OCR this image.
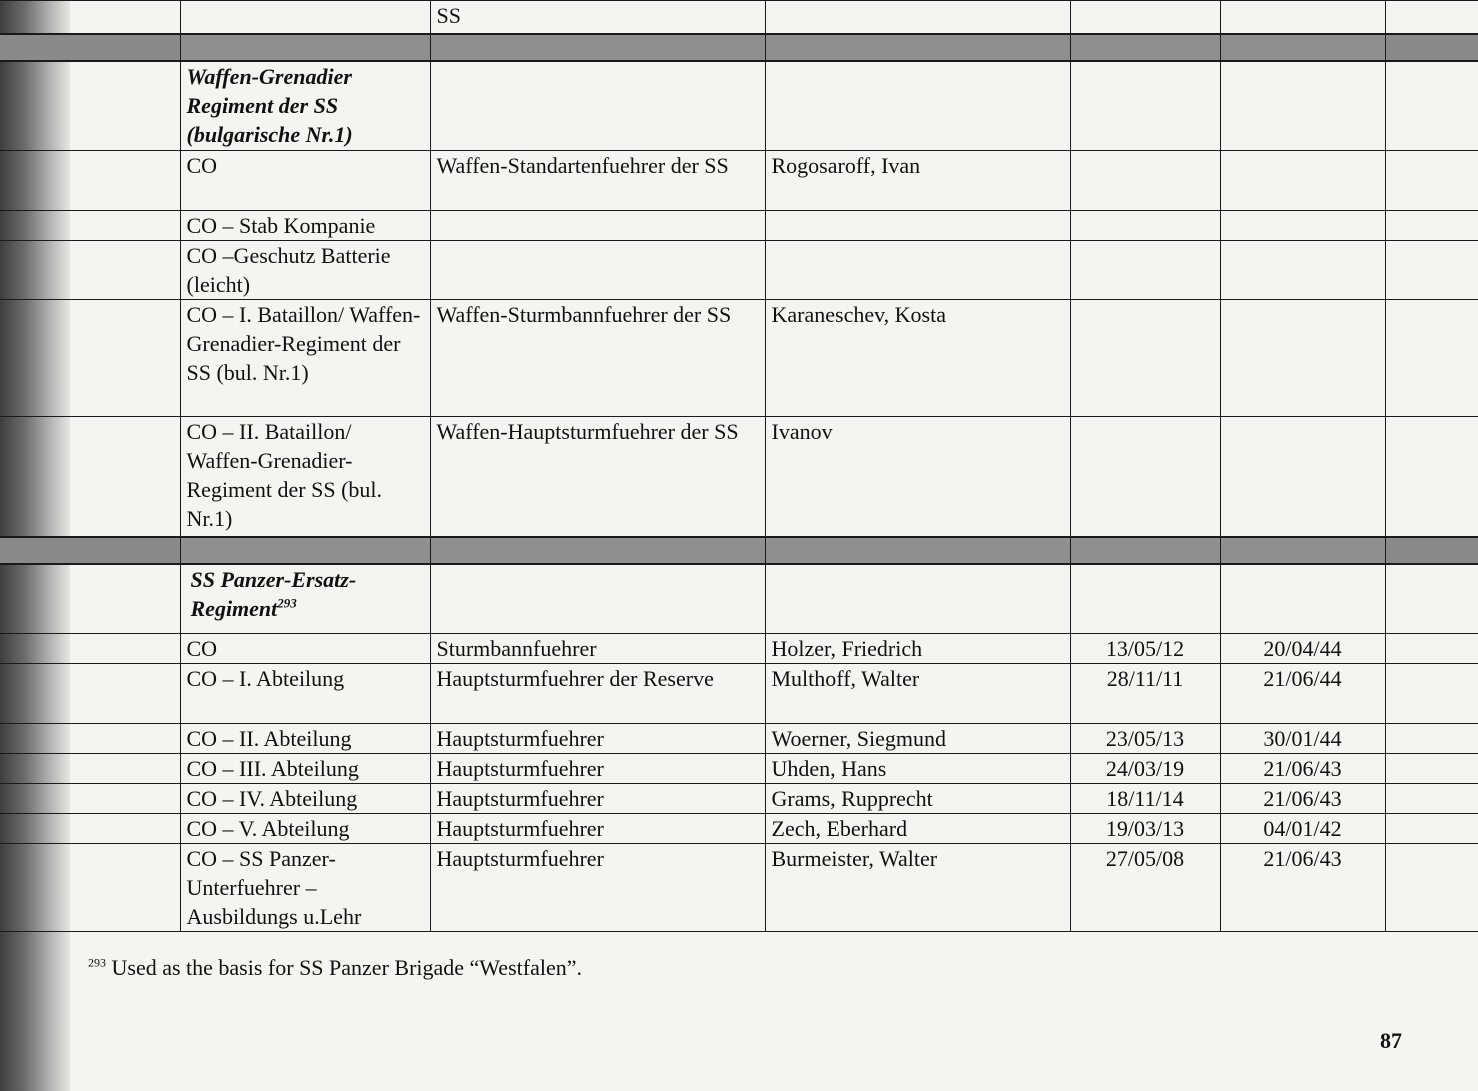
		SS				

	Waffen-Grenadier Regiment der SS (bulgarische Nr.1)					
	CO	Waffen-Standartenfuehrer der SS	Rogosaroff, Ivan			
	CO – Stab Kompanie					
	CO –Geschutz Batterie (leicht)					
	CO – I. Bataillon/ Waffen-Grenadier-Regiment der SS (bul. Nr.1)	Waffen-Sturmbannfuehrer der SS	Karaneschev, Kosta			
	CO – II. Bataillon/ Waffen-Grenadier-Regiment der SS (bul. Nr.1)	Waffen-Hauptsturmfuehrer der SS	Ivanov			

	SS Panzer-Ersatz-Regiment$^{293}$					
	CO	Sturmbannfuehrer	Holzer, Friedrich	13/05/12	20/04/44	
	CO – I. Abteilung	Hauptsturmfuehrer der Reserve	Multhoff, Walter	28/11/11	21/06/44	
	CO – II. Abteilung	Hauptsturmfuehrer	Woerner, Siegmund	23/05/13	30/01/44	
	CO – III. Abteilung	Hauptsturmfuehrer	Uhden, Hans	24/03/19	21/06/43	
	CO – IV. Abteilung	Hauptsturmfuehrer	Grams, Rupprecht	18/11/14	21/06/43	
	CO – V. Abteilung	Hauptsturmfuehrer	Zech, Eberhard	19/03/13	04/01/42	
	CO – SS Panzer-Unterfuehrer – Ausbildungs u.Lehr	Hauptsturmfuehrer	Burmeister, Walter	27/05/08	21/06/43	
$^{293}$ Used as the basis for SS Panzer Brigade “Westfalen”.
87
